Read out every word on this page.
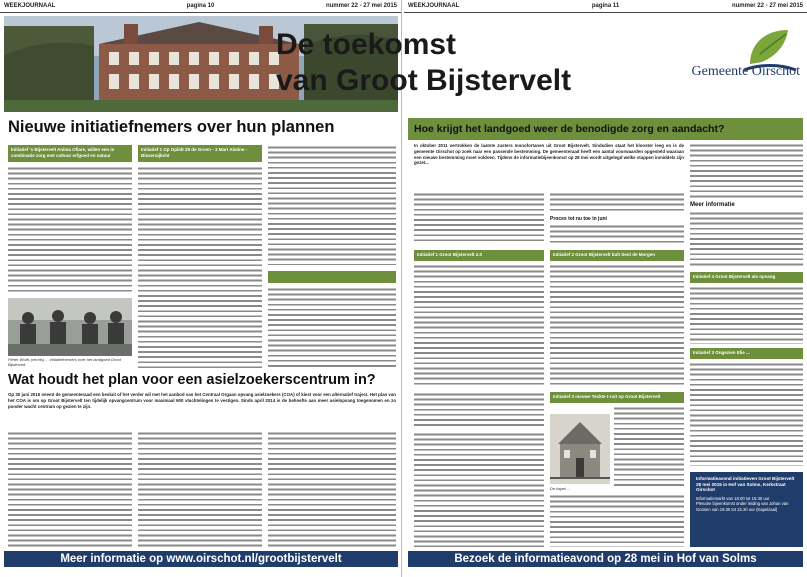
WEEKJOURNAAL	pagina 10	nummer 22 - 27 mei 2015
Nieuwe initiatiefnemers over hun plannen
Initiatief 's Bijstervelt Anima Ofiare, willen een in combinatie zorg met cultuur erfgoed en natuur
Initiatief 1 Op Oplidt 28 de Groen - 3 Mart Alstine - Bisseruijbcht
Pieter Wolfs (rechts) ... initiatiefnemers over het landgoed Groot Bijstervelt
Wat houdt het plan voor een asielzoekerscentrum in?
Op 30 juni 2015 neemt de gemeenteraad een besluit of het verder wil met het aanbod van het Centraal Orgaan opvang asielzoekers (COA) of kiest voor een alternatief traject. Het plan van het COA is om op Groot Bijstervelt ten tijdelijk opvangcentrum voor maximaal 600 vluchtelingen te vestigen. Sinds april 2014 is de behoefte aan meer asielopvang toegenomen en zo ponder wacht centrum op gezien te zijn.
Meer informatie op www.oirschot.nl/grootbijstervelt
WEEKJOURNAAL	pagina 11	nummer 22 - 27 mei 2015
De toekomst
van Groot Bijstervelt	Gemeente Oirschot
Hoe krijgt het landgoed weer de benodigde zorg en aandacht?
In oktober 2011 vertrokken de laatste zusters monofortanen uit Groot Bijstervelt. Sindsdien staat het klooster leeg en is de gemeente Oirschot op zoek naar een passende bestemming. De gemeenteraad heeft een aantal voorwaarden opgesteld waaraan een nieuwe bestemming moet voldoen. Tijdens de informatiebijeenkomst op 28 mei wordt uitgelegd welke stappen inmiddels zijn gezet...
Proces tot nu toe in juni
Initiatief 1 Groot Bijstervelt 2.0	Initiatief 2 Groot Bijstervelt bult Sent de Morgen
Initiatief 3 nieuwe Teckte t-ruit op Groot Bijstervelt
De kapel ...
Meer informatie
Initiatief 4 Groot Bijstervelt als opvang
Initiatief 3 Ongezien Elie ...
Informatieavond initiatieven Groot Bijstervelt 28 mei 2015 in Hof van Solms, Kerkstraat Oirschot
Informatiemarkt van 18.00 tot 19.30 uur
Plenaire bijeenkomst onder leiding van Johan van Goosen van 19.30 tot 22.30 uur (Kapelzaal)
Bezoek de informatieavond op 28 mei in Hof van Solms
